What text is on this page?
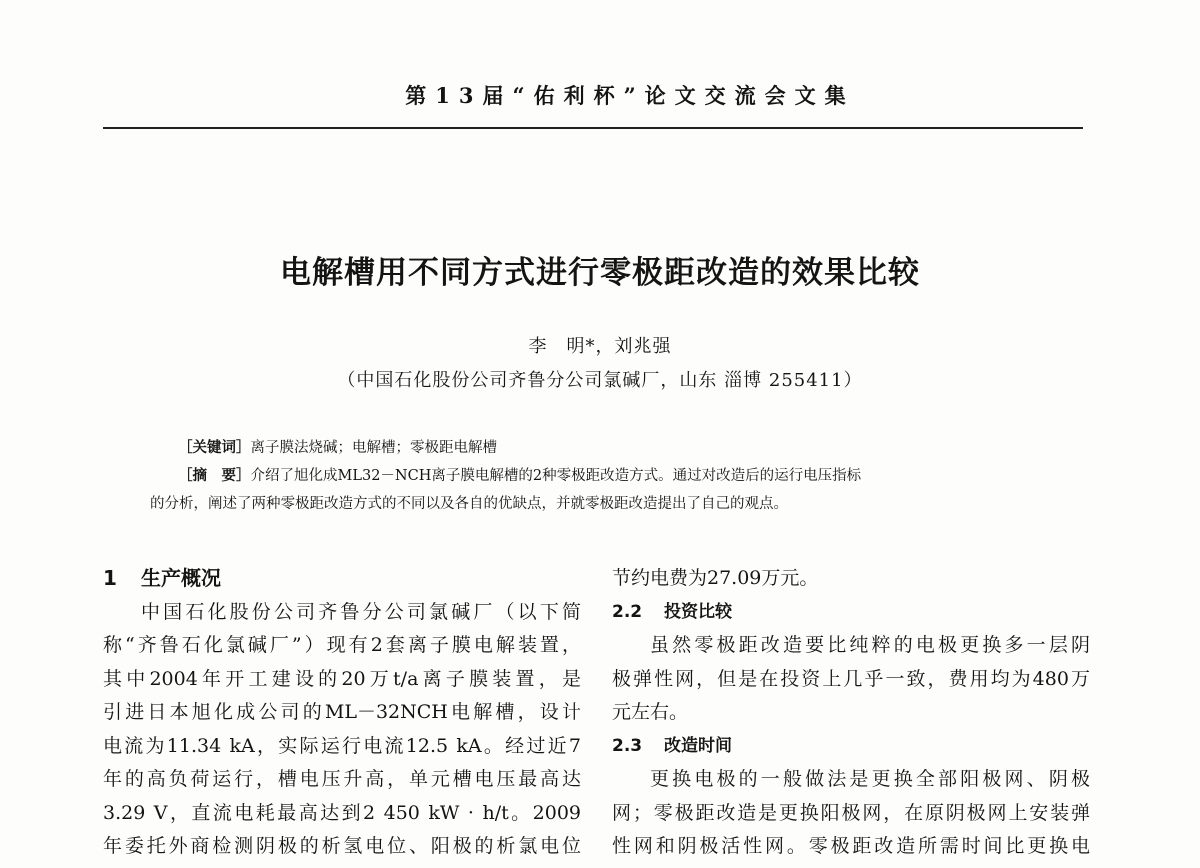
第13届“佑利杯”论文交流会文集
电解槽用不同方式进行零极距改造的效果比较
李　明*，刘兆强
（中国石化股份公司齐鲁分公司氯碱厂，山东 淄博 255411）
［关键词］离子膜法烧碱；电解槽；零极距电解槽
［摘　要］介绍了旭化成ML32－NCH离子膜电解槽的2种零极距改造方式。通过对改造后的运行电压指标
的分析，阐述了两种零极距改造方式的不同以及各自的优缺点，并就零极距改造提出了自己的观点。
1 生产概况
中国石化股份公司齐鲁分公司氯碱厂（以下简
称“齐鲁石化氯碱厂”）现有2套离子膜电解装置，
其中2004年开工建设的20万t/a离子膜装置，是
引进日本旭化成公司的ML－32NCH电解槽，设计
电流为11.34 kA，实际运行电流12.5 kA。经过近7
年的高负荷运行，槽电压升高，单元槽电压最高达
3.29 V，直流电耗最高达到2 450 kW · h/t。2009
年委托外商检测阴极的析氢电位、阳极的析氯电位
节约电费为27.09万元。
2.2 投资比较
虽然零极距改造要比纯粹的电极更换多一层阴
极弹性网，但是在投资上几乎一致，费用均为480万
元左右。
2.3 改造时间
更换电极的一般做法是更换全部阳极网、阴极
网；零极距改造是更换阳极网，在原阴极网上安装弹
性网和阴极活性网。零极距改造所需时间比更换电
